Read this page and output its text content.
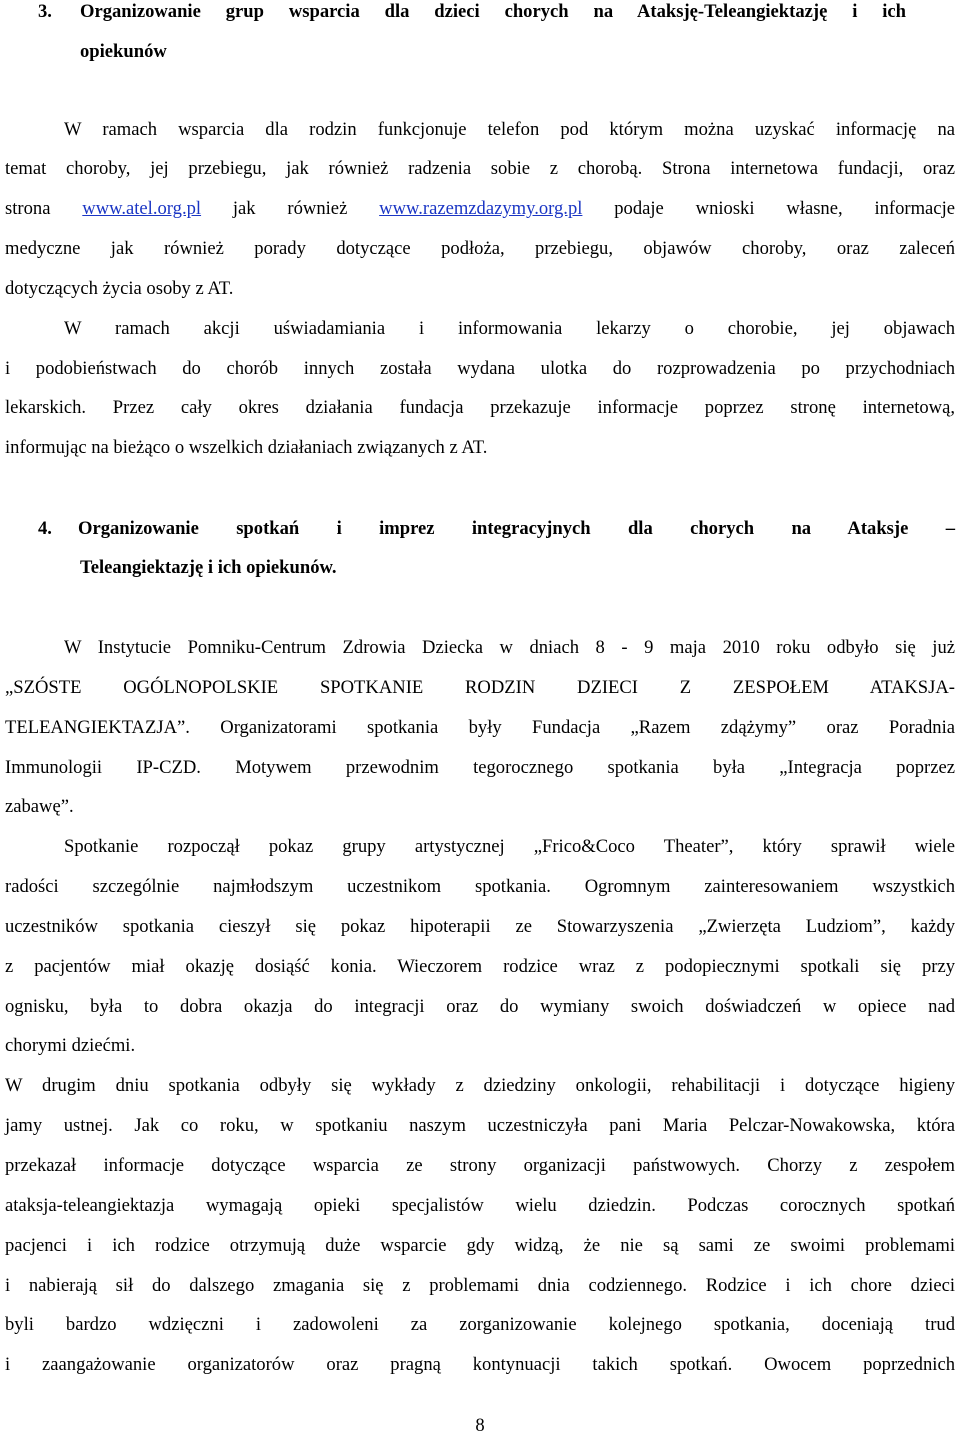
3. Organizowanie grup wsparcia dla dzieci chorych na Ataksję-Teleangiektazję i ich
opiekunów
W ramach wsparcia dla rodzin funkcjonuje telefon pod którym można uzyskać informację na
temat choroby, jej przebiegu, jak również radzenia sobie z chorobą. Strona internetowa fundacji, oraz
strona www.atel.org.pl jak również www.razemzdazymy.org.pl podaje wnioski własne, informacje
medyczne jak również porady dotyczące podłoża, przebiegu, objawów choroby, oraz zaleceń
dotyczących życia osoby z AT.
W ramach akcji uświadamiania i informowania lekarzy o chorobie, jej objawach
i podobieństwach do chorób innych została wydana ulotka do rozprowadzenia po przychodniach
lekarskich. Przez cały okres działania fundacja przekazuje informacje poprzez stronę internetową,
informując na bieżąco o wszelkich działaniach związanych z AT.
4. Organizowanie spotkań i imprez integracyjnych dla chorych na Ataksje –
Teleangiektazję i ich opiekunów.
W Instytucie Pomniku-Centrum Zdrowia Dziecka w dniach 8 - 9 maja 2010 roku odbyło się już
„SZÓSTE OGÓLNOPOLSKIE SPOTKANIE RODZIN DZIECI Z ZESPOŁEM ATAKSJA-
TELEANGIEKTAZJA”. Organizatorami spotkania były Fundacja „Razem zdążymy” oraz Poradnia
Immunologii IP-CZD. Motywem przewodnim tegorocznego spotkania była „Integracja poprzez
zabawę”.
Spotkanie rozpoczął pokaz grupy artystycznej „Frico&Coco Theater”, który sprawił wiele
radości szczególnie najmłodszym uczestnikom spotkania. Ogromnym zainteresowaniem wszystkich
uczestników spotkania cieszył się pokaz hipoterapii ze Stowarzyszenia „Zwierzęta Ludziom”, każdy
z pacjentów miał okazję dosiąść konia. Wieczorem rodzice wraz z podopiecznymi spotkali się przy
ognisku, była to dobra okazja do integracji oraz do wymiany swoich doświadczeń w opiece nad
chorymi dziećmi.
W drugim dniu spotkania odbyły się wykłady z dziedziny onkologii, rehabilitacji i dotyczące higieny
jamy ustnej. Jak co roku, w spotkaniu naszym uczestniczyła pani Maria Pelczar-Nowakowska, która
przekazał informacje dotyczące wsparcia ze strony organizacji państwowych. Chorzy z zespołem
ataksja-teleangiektazja wymagają opieki specjalistów wielu dziedzin. Podczas corocznych spotkań
pacjenci i ich rodzice otrzymują duże wsparcie gdy widzą, że nie są sami ze swoimi problemami
i nabierają sił do dalszego zmagania się z problemami dnia codziennego. Rodzice i ich chore dzieci
byli bardzo wdzięczni i zadowoleni za zorganizowanie kolejnego spotkania, doceniają trud
i zaangażowanie organizatorów oraz pragną kontynuacji takich spotkań. Owocem poprzednich
8
